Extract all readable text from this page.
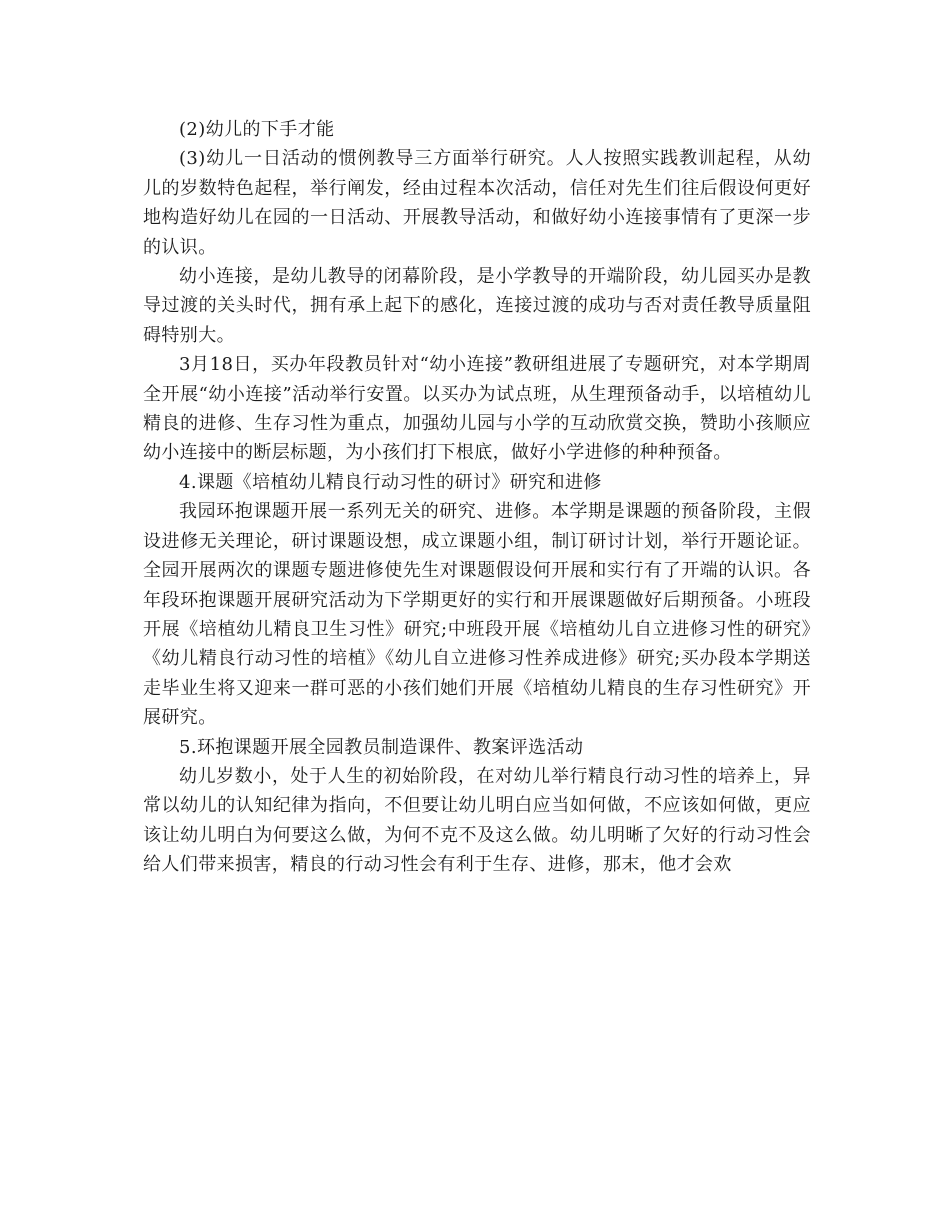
(2)幼儿的下手才能

(3)幼儿一日活动的惯例教导三方面举行研究。人人按照实践教训起程，从幼儿的岁数特色起程，举行阐发，经由过程本次活动，信任对先生们往后假设何更好地构造好幼儿在园的一日活动、开展教导活动，和做好幼小连接事情有了更深一步的认识。

幼小连接，是幼儿教导的闭幕阶段，是小学教导的开端阶段，幼儿园买办是教导过渡的关头时代，拥有承上起下的感化，连接过渡的成功与否对责任教导质量阻碍特别大。

3月18日，买办年段教员针对“幼小连接”教研组进展了专题研究，对本学期周全开展“幼小连接”活动举行安置。以买办为试点班，从生理预备动手，以培植幼儿精良的进修、生存习性为重点，加强幼儿园与小学的互动欣赏交换，赞助小孩顺应幼小连接中的断层标题，为小孩们打下根底，做好小学进修的种种预备。

4.课题《培植幼儿精良行动习性的研讨》研究和进修

我园环抱课题开展一系列无关的研究、进修。本学期是课题的预备阶段，主假设进修无关理论，研讨课题设想，成立课题小组，制订研讨计划，举行开题论证。全园开展两次的课题专题进修使先生对课题假设何开展和实行有了开端的认识。各年段环抱课题开展研究活动为下学期更好的实行和开展课题做好后期预备。小班段开展《培植幼儿精良卫生习性》研究;中班段开展《培植幼儿自立进修习性的研究》《幼儿精良行动习性的培植》《幼儿自立进修习性养成进修》研究;买办段本学期送走毕业生将又迎来一群可恶的小孩们她们开展《培植幼儿精良的生存习性研究》开展研究。

5.环抱课题开展全园教员制造课件、教案评选活动

幼儿岁数小，处于人生的初始阶段，在对幼儿举行精良行动习性的培养上，异常以幼儿的认知纪律为指向，不但要让幼儿明白应当如何做，不应该如何做，更应该让幼儿明白为何要这么做，为何不克不及这么做。幼儿明晰了欠好的行动习性会给人们带来损害，精良的行动习性会有利于生存、进修，那末，他才会欢
